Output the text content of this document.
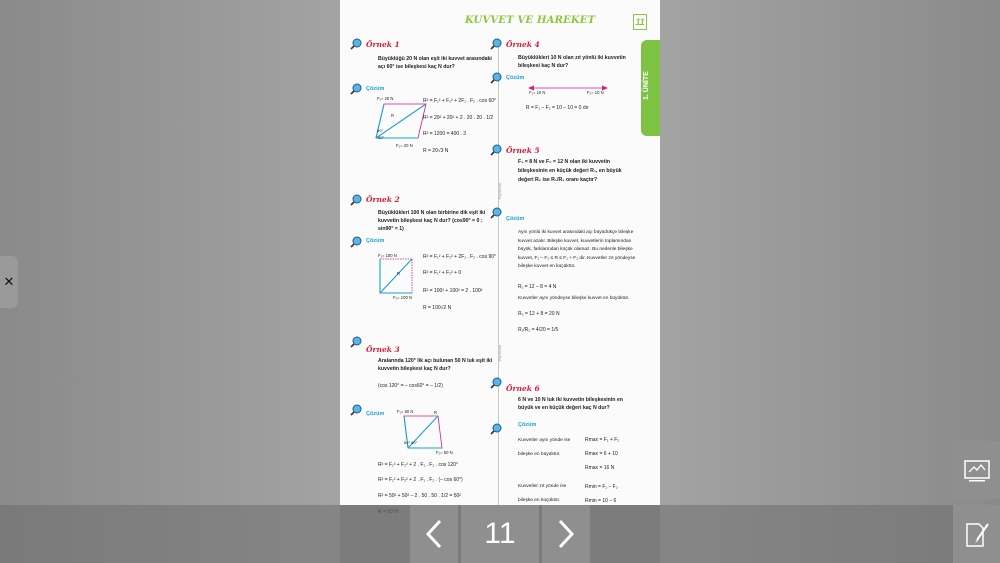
✕
KUVVET VE HAREKET	11
1. ÜNİTE
Yayıncılık
Yayıncılık
Örnek 1
Büyüklüğü 20 N olan eşit iki kuvvet arasındaki açı 60° ise bileşkesi kaç N dur?
Çözüm
F₁= 20 N
F₂= 20 N
R
60°
30°
R² = F₁² + F₂² + 2F₁ . F₂ . cos 60°
R² = 20² + 20² + 2 . 20 . 20 . 1/2
R² = 1200 = 400 . 3
R = 20√3 N
Örnek 2
Büyüklükleri 100 N olan birbirine dik eşit iki kuvvetin bileşkesi kaç N dur? (cos90° = 0 ; sin90° = 1)
Çözüm
F₁= 100 N
F₂= 100 N
R
R² = F₁² + F₂² + 2F₁ . F₂ . cos 90°
R² = F₁² + F₂² + 0
R² = 100² + 100² = 2 . 100²
R = 100√2 N
Örnek 3
Aralarında 120° lik açı bulunan 50 N luk eşit iki kuvvetin bileşkesi kaç N dur?
(cos 120° = – cos60° = – 1/2)
Çözüm	F₁= 50 N
F₂= 50 N
R
60° 60°
R² = F₁² + F₂² + 2 . F₁ . F₂ . cos 120°
R² = F₁² + F₂² + 2 . F₁ . F₂ . (– cos 60°)
R² = 50² + 50² – 2 . 50 . 50 . 1/2 = 50²
Örnek 4
Büyüklükleri 10 N olan zıt yönlü iki kuvvetin bileşkesi kaç N dur?
Çözüm
F₁= 10 N	F₂= 10 N
R = F₁ – F₂ = 10 – 10 = 0 dır
Örnek 5
F₁ = 8 N ve F₂ = 12 N olan iki kuvvetin bileşkesinin en küçük değeri R₁, en büyük değeri R₂ ise R₁/R₂ oranı kaçtır?
Çözüm
Aynı yönlü iki kuvvet arasındaki açı büyüdükçe bileşke kuvvet azalır. Bileşke kuvvet, kuvvetlerin toplamından büyük, farklarından küçük olamaz. Bu nedenle bileşke kuvvet, F₁ – F₂ ≤ R ≤ F₁ + F₂ dir. Kuvvetler zıt yöndeyse bileşke kuvvet en küçüktür.
R₁ = 12 – 8 = 4 N
Kuvvetler aynı yöndeyse bileşke kuvvet en büyüktür.
R₂ = 12 + 8 = 20 N
R₁/R₂ = 4/20 = 1/5
Örnek 6
6 N ve 10 N luk iki kuvvetin bileşkesinin en büyük ve en küçük değeri kaç N dur?
Çözüm
Kuvvetler aynı yönde ise bileşke en büyüktür.
Rmax = F₁ + F₂
Rmax = 6 + 10
Rmax = 16 N
Kuvvetler zıt yönde ise bileşke en küçüktür.
Rmin = F₁ – F₂
Rmin = 10 – 6
11
